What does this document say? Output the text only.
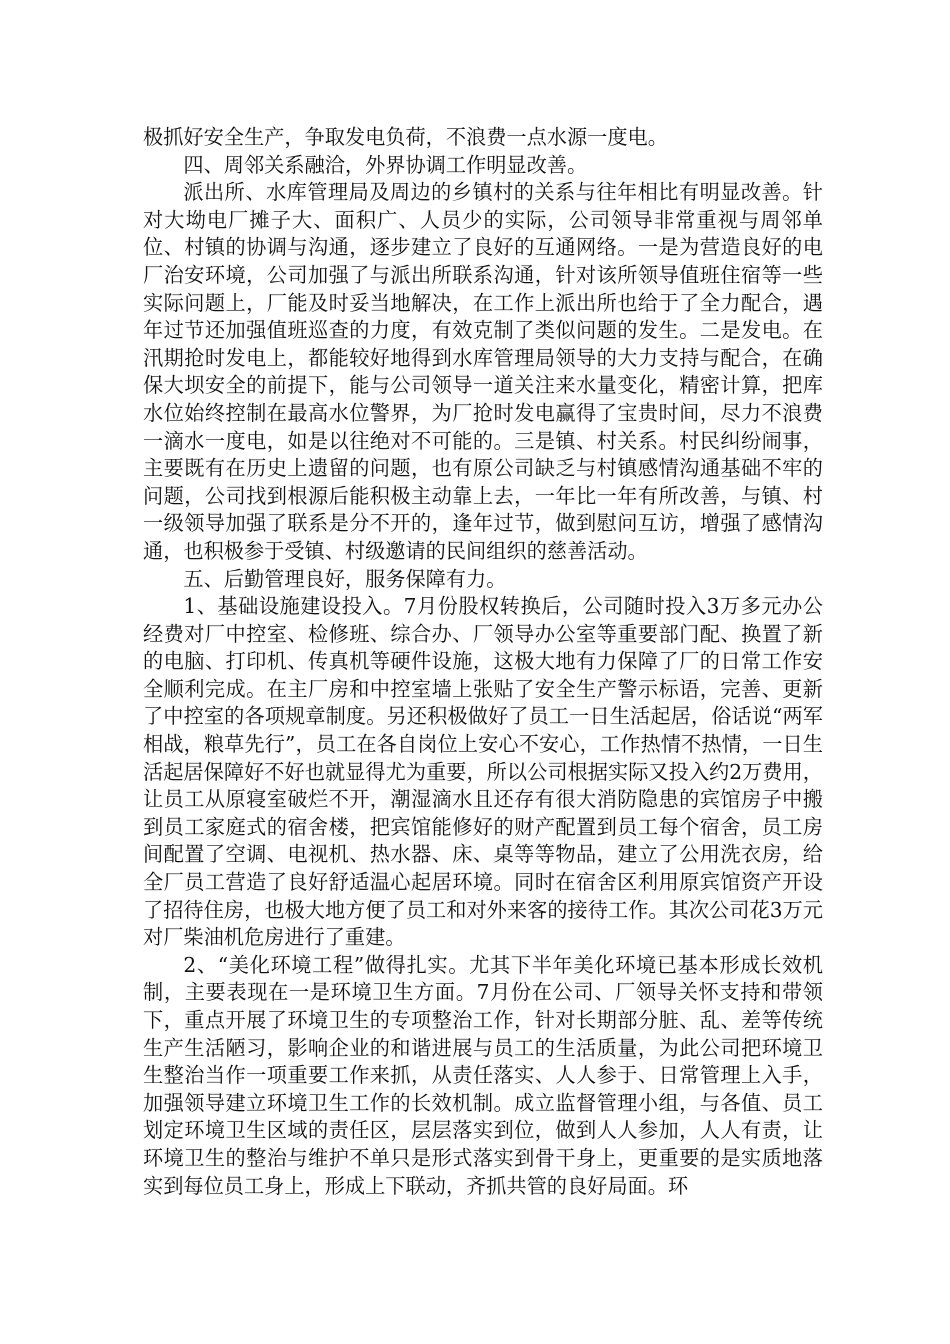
极抓好安全生产，争取发电负荷，不浪费一点水源一度电。

四、周邻关系融洽，外界协调工作明显改善。

派出所、水库管理局及周边的乡镇村的关系与往年相比有明显改善。针对大坳电厂摊子大、面积广、人员少的实际，公司领导非常重视与周邻单位、村镇的协调与沟通，逐步建立了良好的互通网络。一是为营造良好的电厂治安环境，公司加强了与派出所联系沟通，针对该所领导值班住宿等一些实际问题上，厂能及时妥当地解决，在工作上派出所也给于了全力配合，遇年过节还加强值班巡查的力度，有效克制了类似问题的发生。二是发电。在汛期抢时发电上，都能较好地得到水库管理局领导的大力支持与配合，在确保大坝安全的前提下，能与公司领导一道关注来水量变化，精密计算，把库水位始终控制在最高水位警界，为厂抢时发电赢得了宝贵时间，尽力不浪费一滴水一度电，如是以往绝对不可能的。三是镇、村关系。村民纠纷闹事，主要既有在历史上遗留的问题，也有原公司缺乏与村镇感情沟通基础不牢的问题，公司找到根源后能积极主动靠上去，一年比一年有所改善，与镇、村一级领导加强了联系是分不开的，逢年过节，做到慰问互访，增强了感情沟通，也积极参于受镇、村级邀请的民间组织的慈善活动。

五、后勤管理良好，服务保障有力。

1、基础设施建设投入。7月份股权转换后，公司随时投入3万多元办公经费对厂中控室、检修班、综合办、厂领导办公室等重要部门配、换置了新的电脑、打印机、传真机等硬件设施，这极大地有力保障了厂的日常工作安全顺利完成。在主厂房和中控室墙上张贴了安全生产警示标语，完善、更新了中控室的各项规章制度。另还积极做好了员工一日生活起居，俗话说“两军相战，粮草先行”，员工在各自岗位上安心不安心，工作热情不热情，一日生活起居保障好不好也就显得尤为重要，所以公司根据实际又投入约2万费用，让员工从原寝室破烂不开，潮湿滴水且还存有很大消防隐患的宾馆房子中搬到员工家庭式的宿舍楼，把宾馆能修好的财产配置到员工每个宿舍，员工房间配置了空调、电视机、热水器、床、桌等等物品，建立了公用洗衣房，给全厂员工营造了良好舒适温心起居环境。同时在宿舍区利用原宾馆资产开设了招待住房，也极大地方便了员工和对外来客的接待工作。其次公司花3万元对厂柴油机危房进行了重建。

2、“美化环境工程”做得扎实。尤其下半年美化环境已基本形成长效机制，主要表现在一是环境卫生方面。7月份在公司、厂领导关怀支持和带领下，重点开展了环境卫生的专项整治工作，针对长期部分脏、乱、差等传统生产生活陋习，影响企业的和谐进展与员工的生活质量，为此公司把环境卫生整治当作一项重要工作来抓，从责任落实、人人参于、日常管理上入手，加强领导建立环境卫生工作的长效机制。成立监督管理小组，与各值、员工划定环境卫生区域的责任区，层层落实到位，做到人人参加，人人有责，让环境卫生的整治与维护不单只是形式落实到骨干身上，更重要的是实质地落实到每位员工身上，形成上下联动，齐抓共管的良好局面。环
